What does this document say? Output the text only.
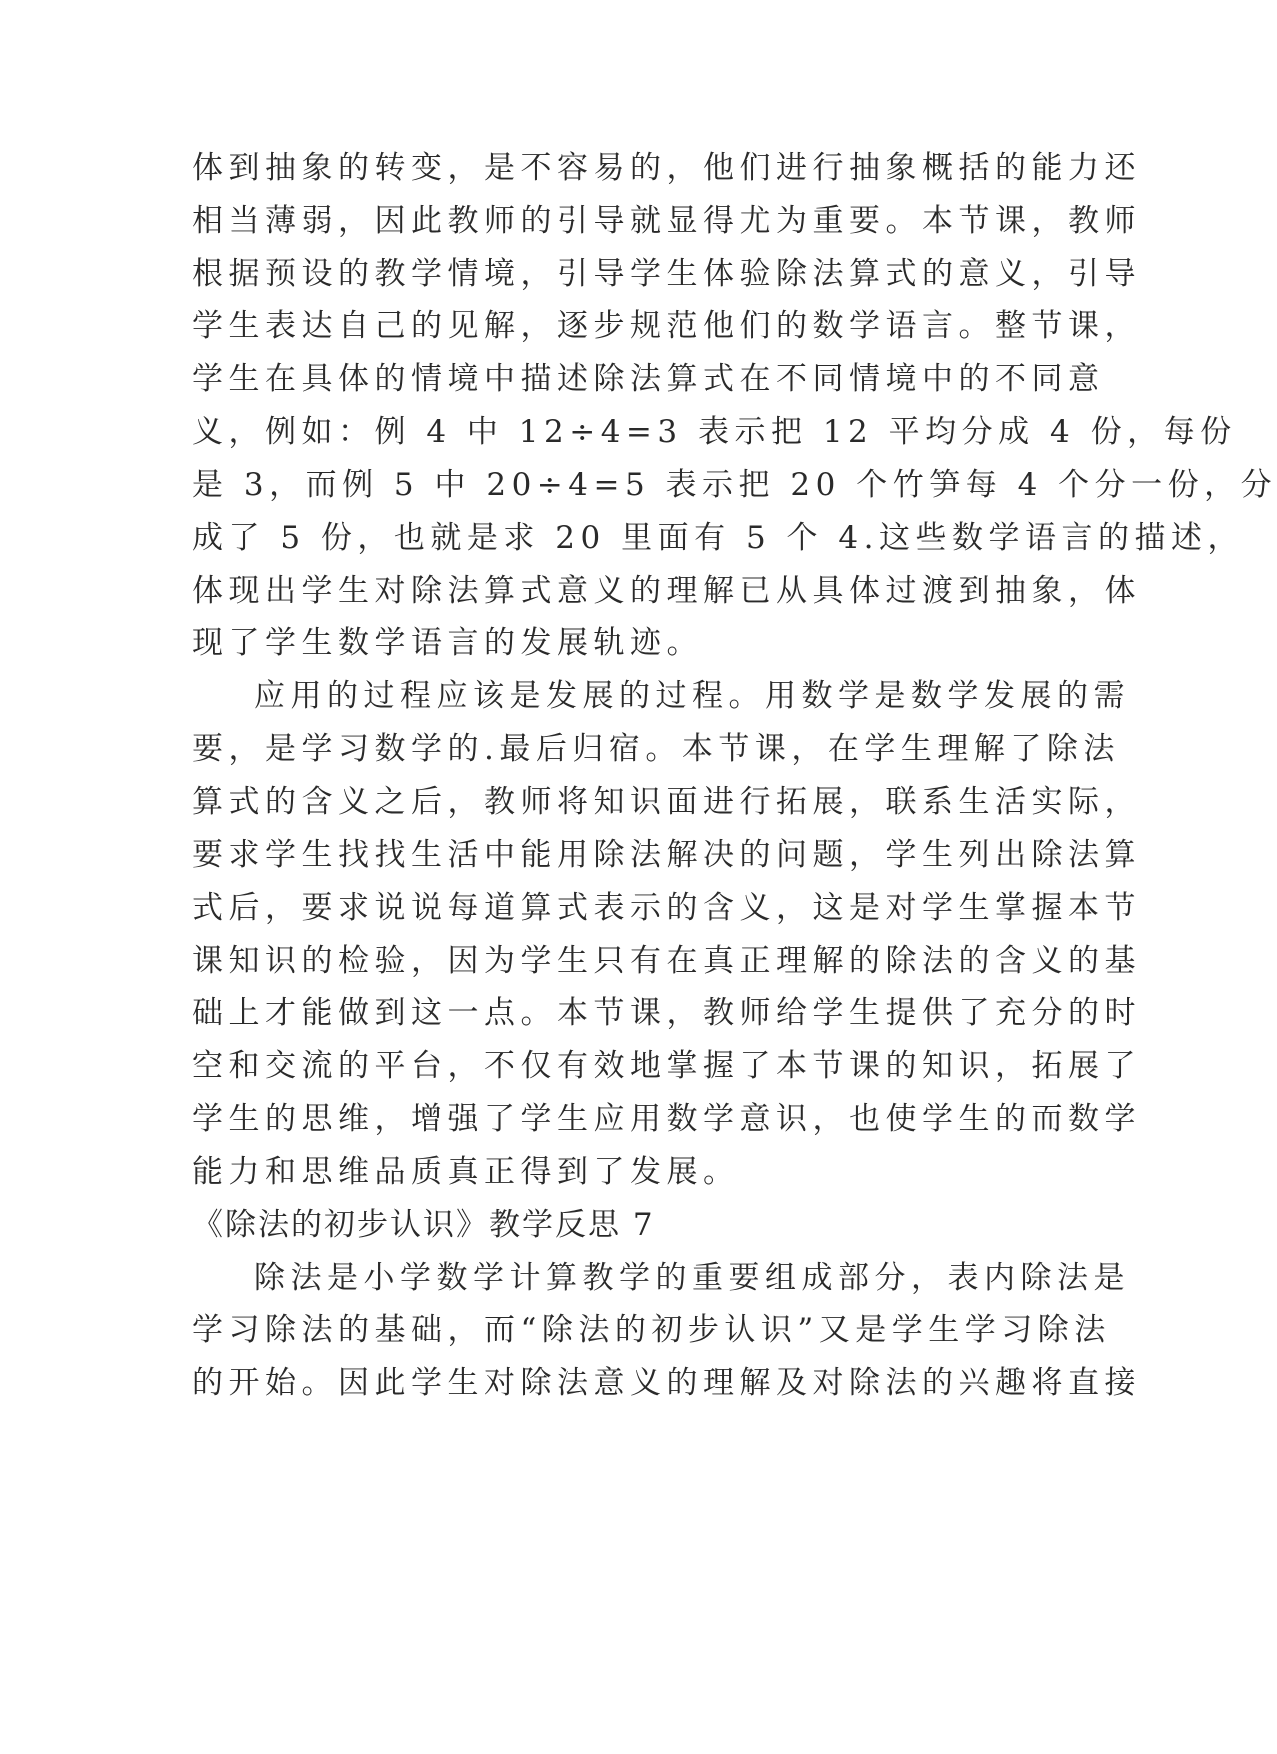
体到抽象的转变，是不容易的，他们进行抽象概括的能力还
相当薄弱，因此教师的引导就显得尤为重要。本节课，教师
根据预设的教学情境，引导学生体验除法算式的意义，引导
学生表达自己的见解，逐步规范他们的数学语言。整节课，
学生在具体的情境中描述除法算式在不同情境中的不同意
义，例如：例 4 中 12÷4=3 表示把 12 平均分成 4 份，每份
是 3，而例 5 中 20÷4=5 表示把 20 个竹笋每 4 个分一份，分
成了 5 份，也就是求 20 里面有 5 个 4.这些数学语言的描述，
体现出学生对除法算式意义的理解已从具体过渡到抽象，体
现了学生数学语言的发展轨迹。
应用的过程应该是发展的过程。用数学是数学发展的需
要，是学习数学的.最后归宿。本节课，在学生理解了除法
算式的含义之后，教师将知识面进行拓展，联系生活实际，
要求学生找找生活中能用除法解决的问题，学生列出除法算
式后，要求说说每道算式表示的含义，这是对学生掌握本节
课知识的检验，因为学生只有在真正理解的除法的含义的基
础上才能做到这一点。本节课，教师给学生提供了充分的时
空和交流的平台，不仅有效地掌握了本节课的知识，拓展了
学生的思维，增强了学生应用数学意识，也使学生的而数学
能力和思维品质真正得到了发展。
《除法的初步认识》教学反思 7
除法是小学数学计算教学的重要组成部分，表内除法是
学习除法的基础，而“除法的初步认识”又是学生学习除法
的开始。因此学生对除法意义的理解及对除法的兴趣将直接
